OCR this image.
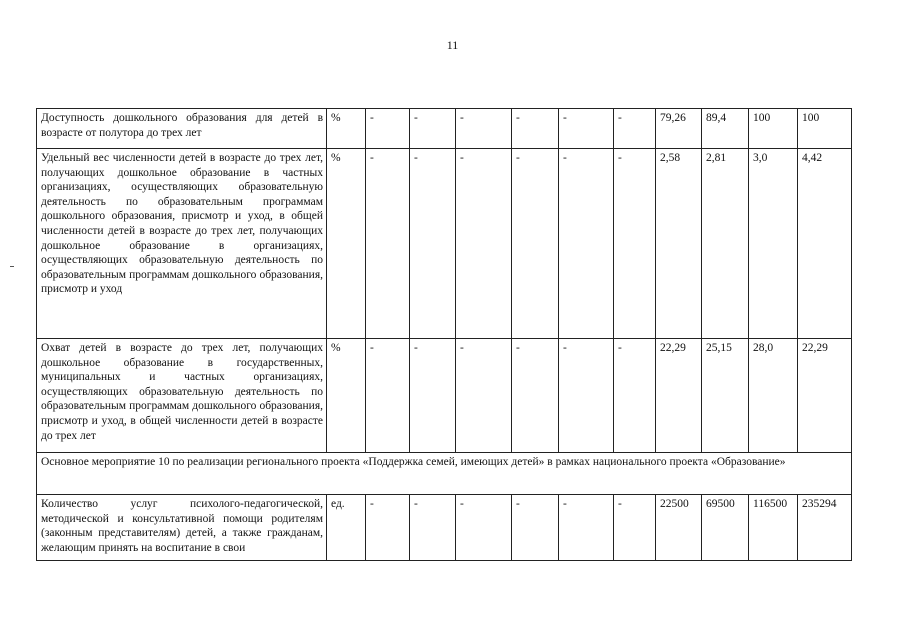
11
Доступность дошкольного образования для детей в возрасте от полутора до трех лет	%	-	-	-	-	-	-	79,26	89,4	100	100
Удельный вес численности детей в возрасте до трех лет, получающих дошкольное образование в частных организациях, осуществляющих образовательную деятельность по образовательным программам дошкольного образования, присмотр и уход, в общей численности детей в возрасте до трех лет, получающих дошкольное образование в организациях, осуществляющих образовательную деятельность по образовательным программам дошкольного образования, присмотр и уход	%	-	-	-	-	-	-	2,58	2,81	3,0	4,42
Охват детей в возрасте до трех лет, получающих дошкольное образование в государственных, муниципальных и частных организациях, осуществляющих образовательную деятельность по образовательным программам дошкольного образования, присмотр и уход, в общей численности детей в возрасте до трех лет	%	-	-	-	-	-	-	22,29	25,15	28,0	22,29
Основное мероприятие 10 по реализации регионального проекта «Поддержка семей, имеющих детей» в рамках национального проекта «Образование»											
Количество услуг психолого-педагогической, методической и консультативной помощи родителям (законным представителям) детей, а также гражданам, желающим принять на воспитание в свои	ед.	-	-	-	-	-	-	22500	69500	116500	235294
